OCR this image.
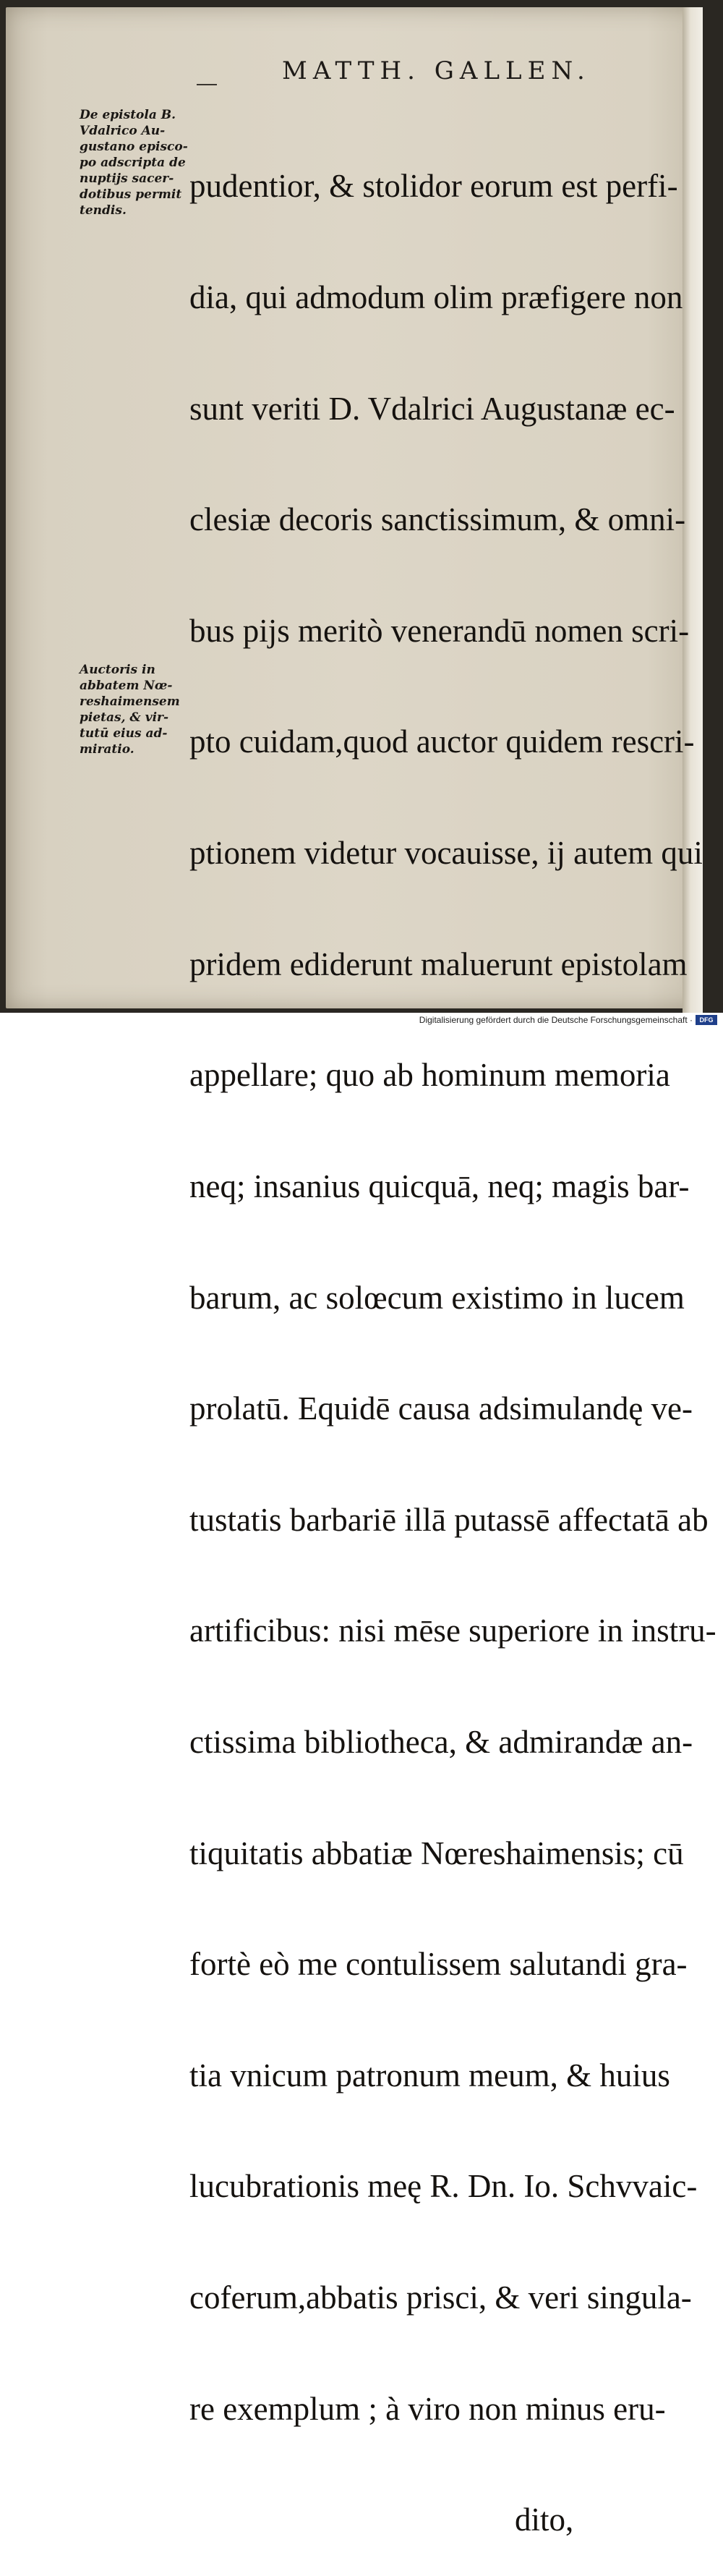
MATTH. GALLEN.
De epistola B.
Vdalrico Au-
gustano episco-
po adscripta de
nuptijs sacer-
dotibus permit
tendis.
Auctoris in
abbatem Nœ-
reshaimensem
pietas, & vir-
tutū eius ad-
miratio.

pudentior, & stolidor eorum est perfi-

dia, qui admodum olim præfigere non

sunt veriti D. Vdalrici Augustanæ ec-

clesiæ decoris sanctissimum, & omni-

bus pijs meritò venerandū nomen scri-

pto cuidam,quod auctor quidem rescri-

ptionem videtur vocauisse, ij autem qui

pridem ediderunt maluerunt epistolam

appellare; quo ab hominum memoria

neq; insanius quicquā, neq; magis bar-

barum, ac solœcum existimo in lucem

prolatū. Equidē causa adsimulandę ve-

tustatis barbariē illā putassē affectatā ab

artificibus: nisi mēse superiore in instru-

ctissima bibliotheca, & admirandæ an-

tiquitatis abbatiæ Nœreshaimensis; cū

fortè eò me contulissem salutandi gra-

tia vnicum patronum meum, & huius

lucubrationis meę R. Dn. Io. Schvvaic-

coferum,abbatis prisci, & veri singula-

re exemplum ; à viro non minus eru-

dito,

Digitalisierung gefördert durch die Deutsche Forschungsgemeinschaft ·	DFG
